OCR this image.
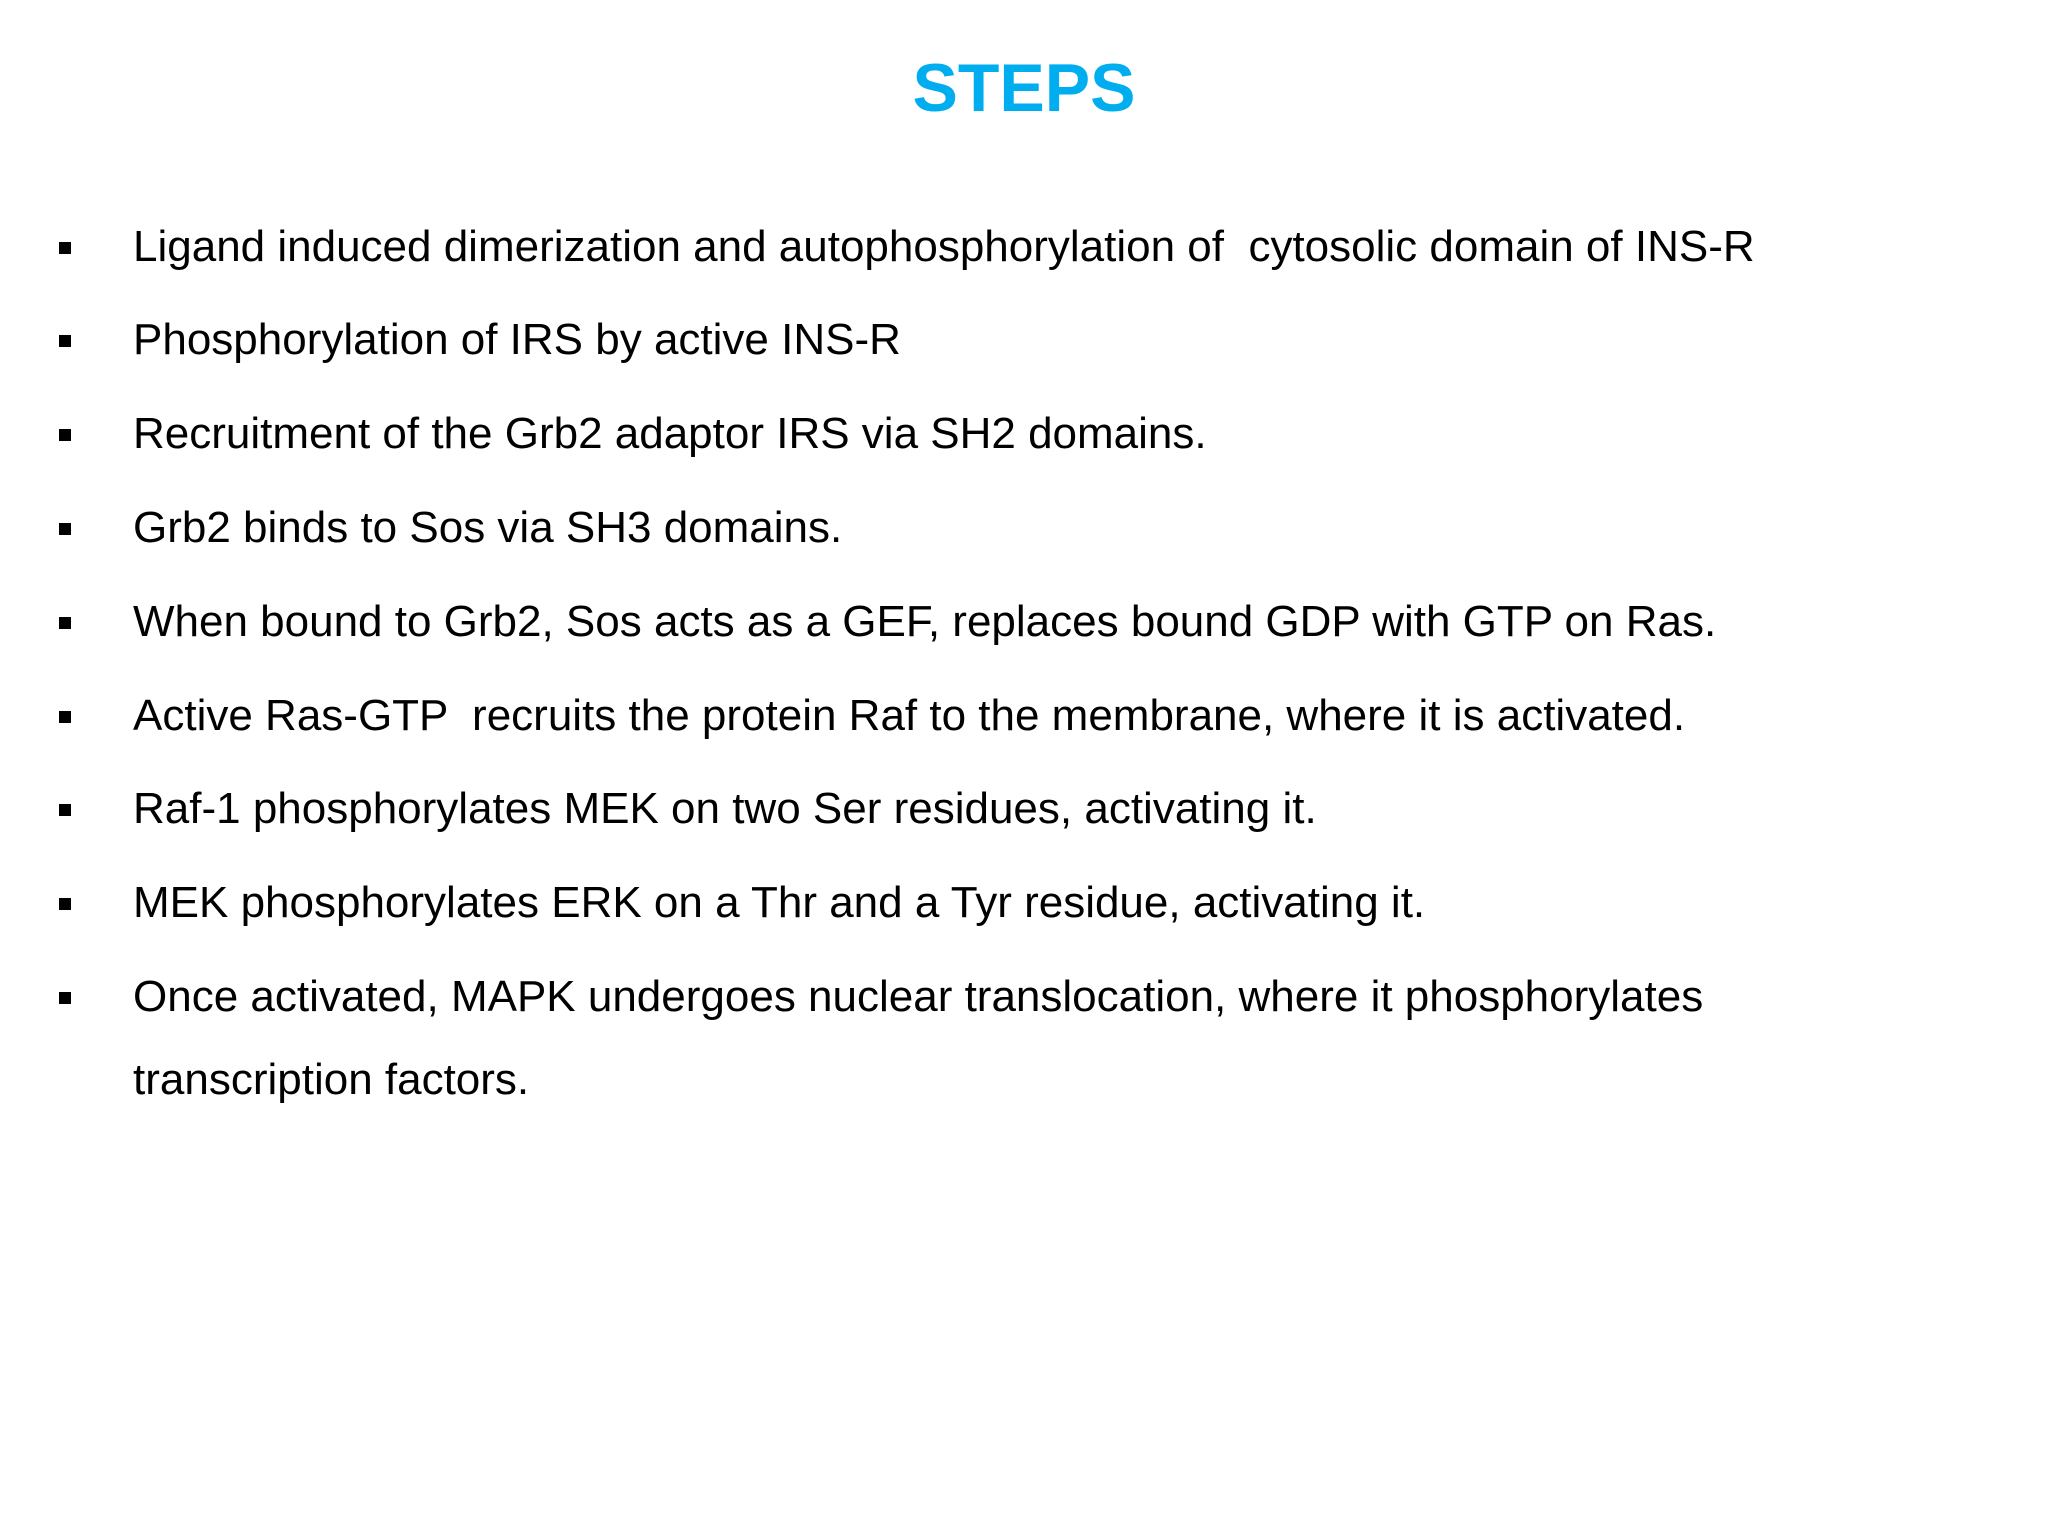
STEPS
Ligand induced dimerization and autophosphorylation of  cytosolic domain of INS-R
Phosphorylation of IRS by active INS-R
Recruitment of the Grb2 adaptor IRS via SH2 domains.
Grb2 binds to Sos via SH3 domains.
When bound to Grb2, Sos acts as a GEF, replaces bound GDP with GTP on Ras.
Active Ras-GTP  recruits the protein Raf to the membrane, where it is activated.
Raf-1 phosphorylates MEK on two Ser residues, activating it.
MEK phosphorylates ERK on a Thr and a Tyr residue, activating it.
Once activated, MAPK undergoes nuclear translocation, where it phosphorylates transcription factors.
